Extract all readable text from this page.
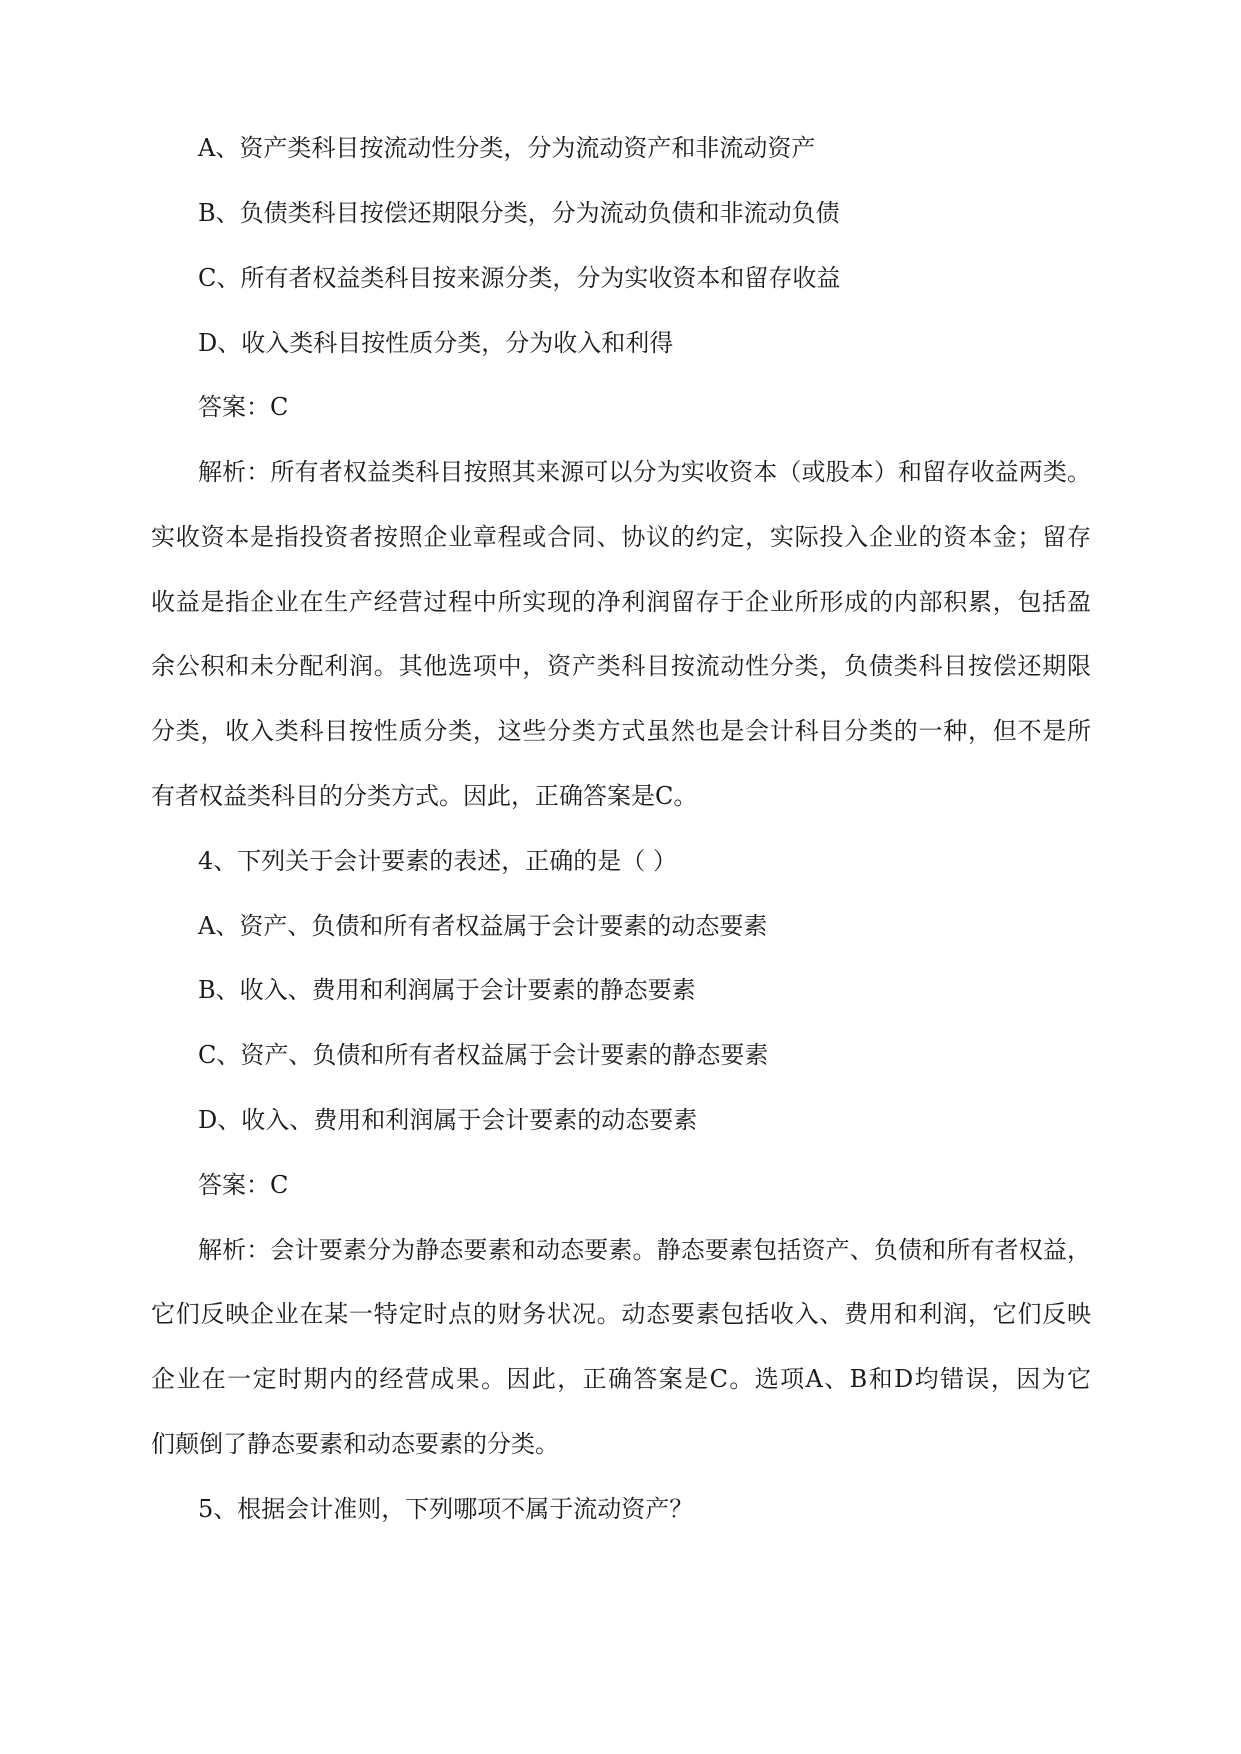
A、资产类科目按流动性分类，分为流动资产和非流动资产
B、负债类科目按偿还期限分类，分为流动负债和非流动负债
C、所有者权益类科目按来源分类，分为实收资本和留存收益
D、收入类科目按性质分类，分为收入和利得
答案：C
解析：所有者权益类科目按照其来源可以分为实收资本（或股本）和留存收益两类。
实收资本是指投资者按照企业章程或合同、协议的约定，实际投入企业的资本金；留存
收益是指企业在生产经营过程中所实现的净利润留存于企业所形成的内部积累，包括盈
余公积和未分配利润。其他选项中，资产类科目按流动性分类，负债类科目按偿还期限
分类，收入类科目按性质分类，这些分类方式虽然也是会计科目分类的一种，但不是所
有者权益类科目的分类方式。因此，正确答案是C。
4、下列关于会计要素的表述，正确的是（ ）
A、资产、负债和所有者权益属于会计要素的动态要素
B、收入、费用和利润属于会计要素的静态要素
C、资产、负债和所有者权益属于会计要素的静态要素
D、收入、费用和利润属于会计要素的动态要素
答案：C
解析：会计要素分为静态要素和动态要素。静态要素包括资产、负债和所有者权益，
它们反映企业在某一特定时点的财务状况。动态要素包括收入、费用和利润，它们反映
企业在一定时期内的经营成果。因此，正确答案是C。选项A、B和D均错误，因为它
们颠倒了静态要素和动态要素的分类。
5、根据会计准则，下列哪项不属于流动资产？
